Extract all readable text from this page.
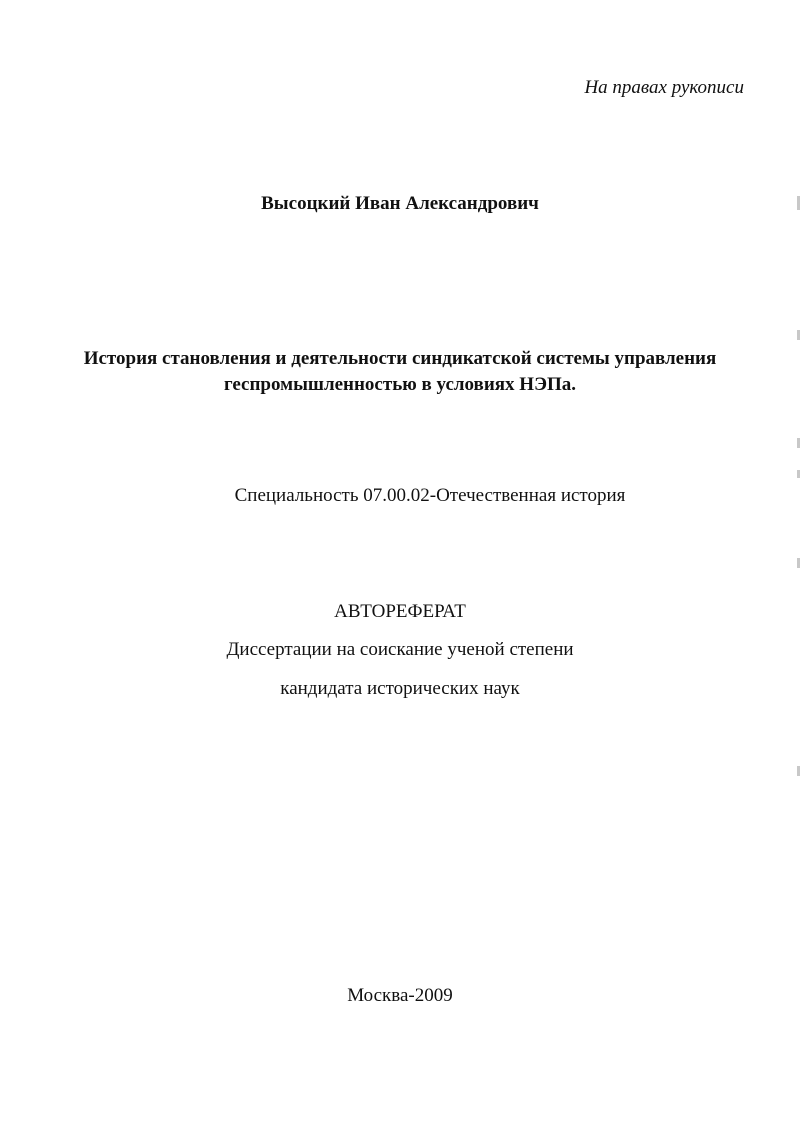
На правах рукописи
Высоцкий Иван Александрович
История становления и деятельности синдикатской системы управления
геспромышленностью в условиях НЭПа.
Специальность 07.00.02-Отечественная история
АВТОРЕФЕРАТ
Диссертации на соискание ученой степени
кандидата исторических наук
Москва-2009
